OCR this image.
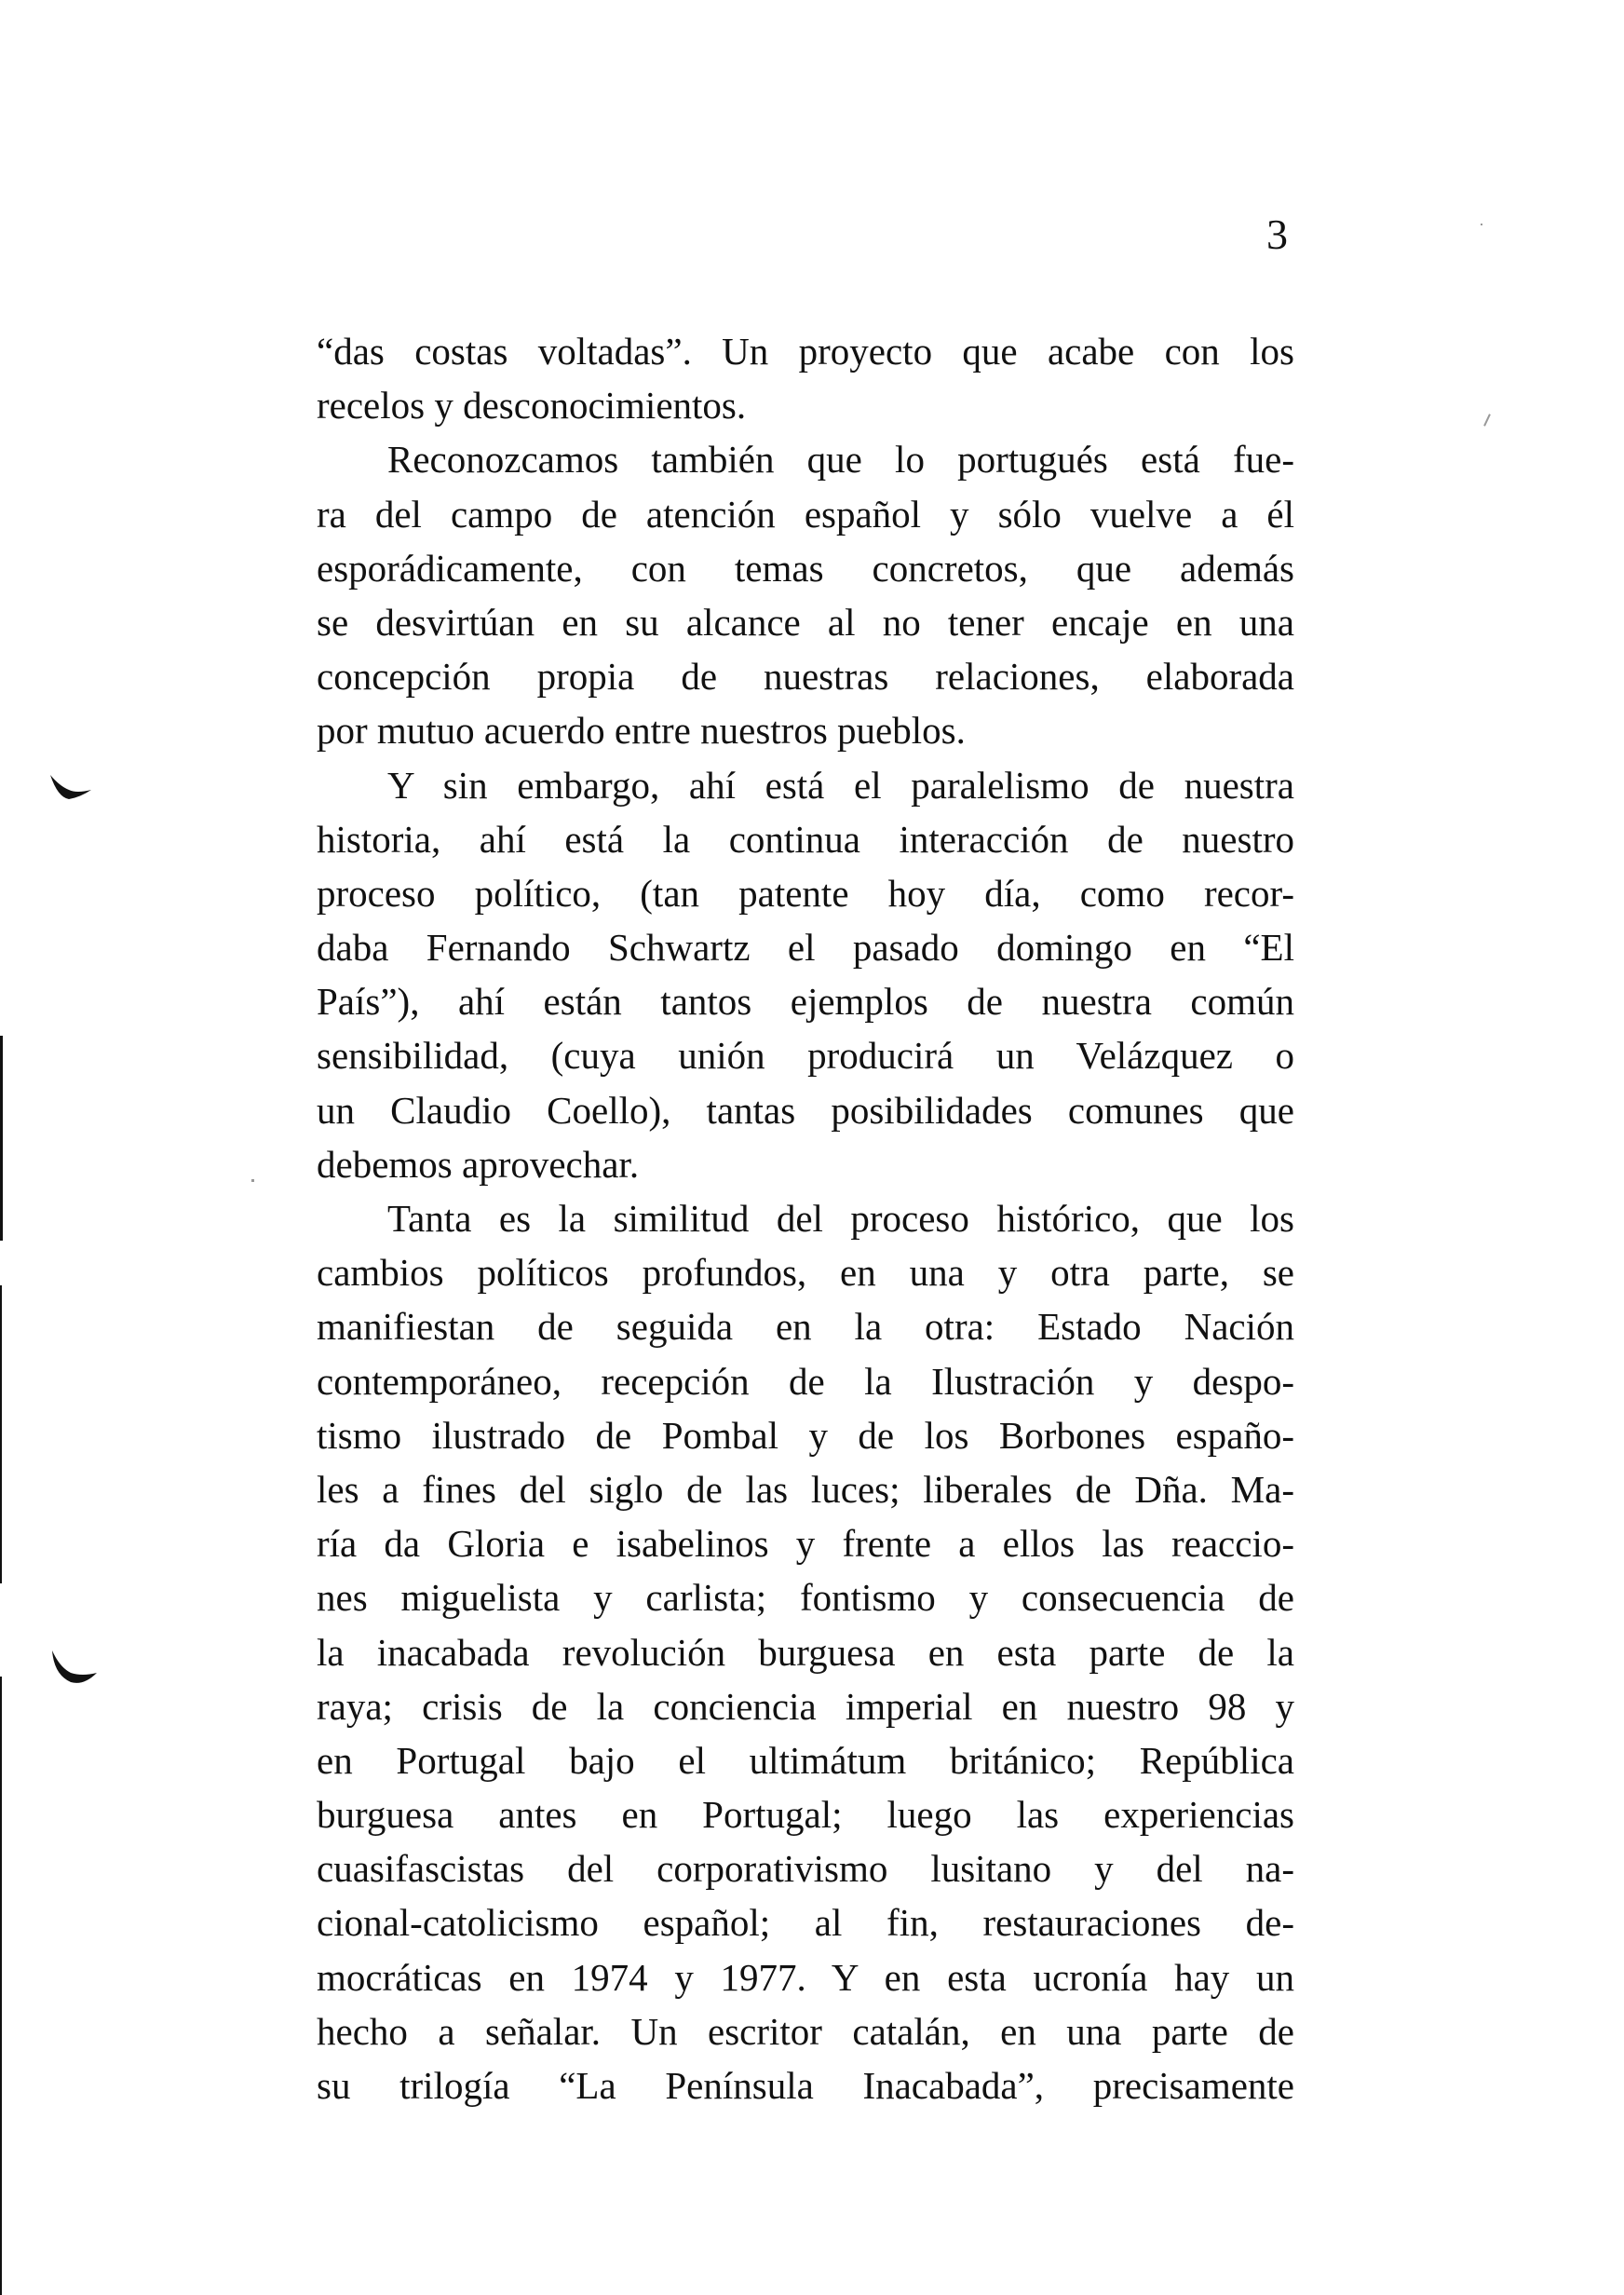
3
“das costas voltadas”. Un proyecto que acabe con los
recelos y desconocimientos.
Reconozcamos también que lo portugués está fue-
ra del campo de atención español y sólo vuelve a él
esporádicamente, con temas concretos, que además
se desvirtúan en su alcance al no tener encaje en una
concepción propia de nuestras relaciones, elaborada
por mutuo acuerdo entre nuestros pueblos.
Y sin embargo, ahí está el paralelismo de nuestra
historia, ahí está la continua interacción de nuestro
proceso político, (tan patente hoy día, como recor-
daba Fernando Schwartz el pasado domingo en “El
País”), ahí están tantos ejemplos de nuestra común
sensibilidad, (cuya unión producirá un Velázquez o
un Claudio Coello), tantas posibilidades comunes que
debemos aprovechar.
Tanta es la similitud del proceso histórico, que los
cambios políticos profundos, en una y otra parte, se
manifiestan de seguida en la otra: Estado Nación
contemporáneo, recepción de la Ilustración y despo-
tismo ilustrado de Pombal y de los Borbones españo-
les a fines del siglo de las luces; liberales de Dña. Ma-
ría da Gloria e isabelinos y frente a ellos las reaccio-
nes miguelista y carlista; fontismo y consecuencia de
la inacabada revolución burguesa en esta parte de la
raya; crisis de la conciencia imperial en nuestro 98 y
en Portugal bajo el ultimátum británico; República
burguesa antes en Portugal; luego las experiencias
cuasifascistas del corporativismo lusitano y del na-
cional-catolicismo español; al fin, restauraciones de-
mocráticas en 1974 y 1977. Y en esta ucronía hay un
hecho a señalar. Un escritor catalán, en una parte de
su trilogía “La Península Inacabada”, precisamente
